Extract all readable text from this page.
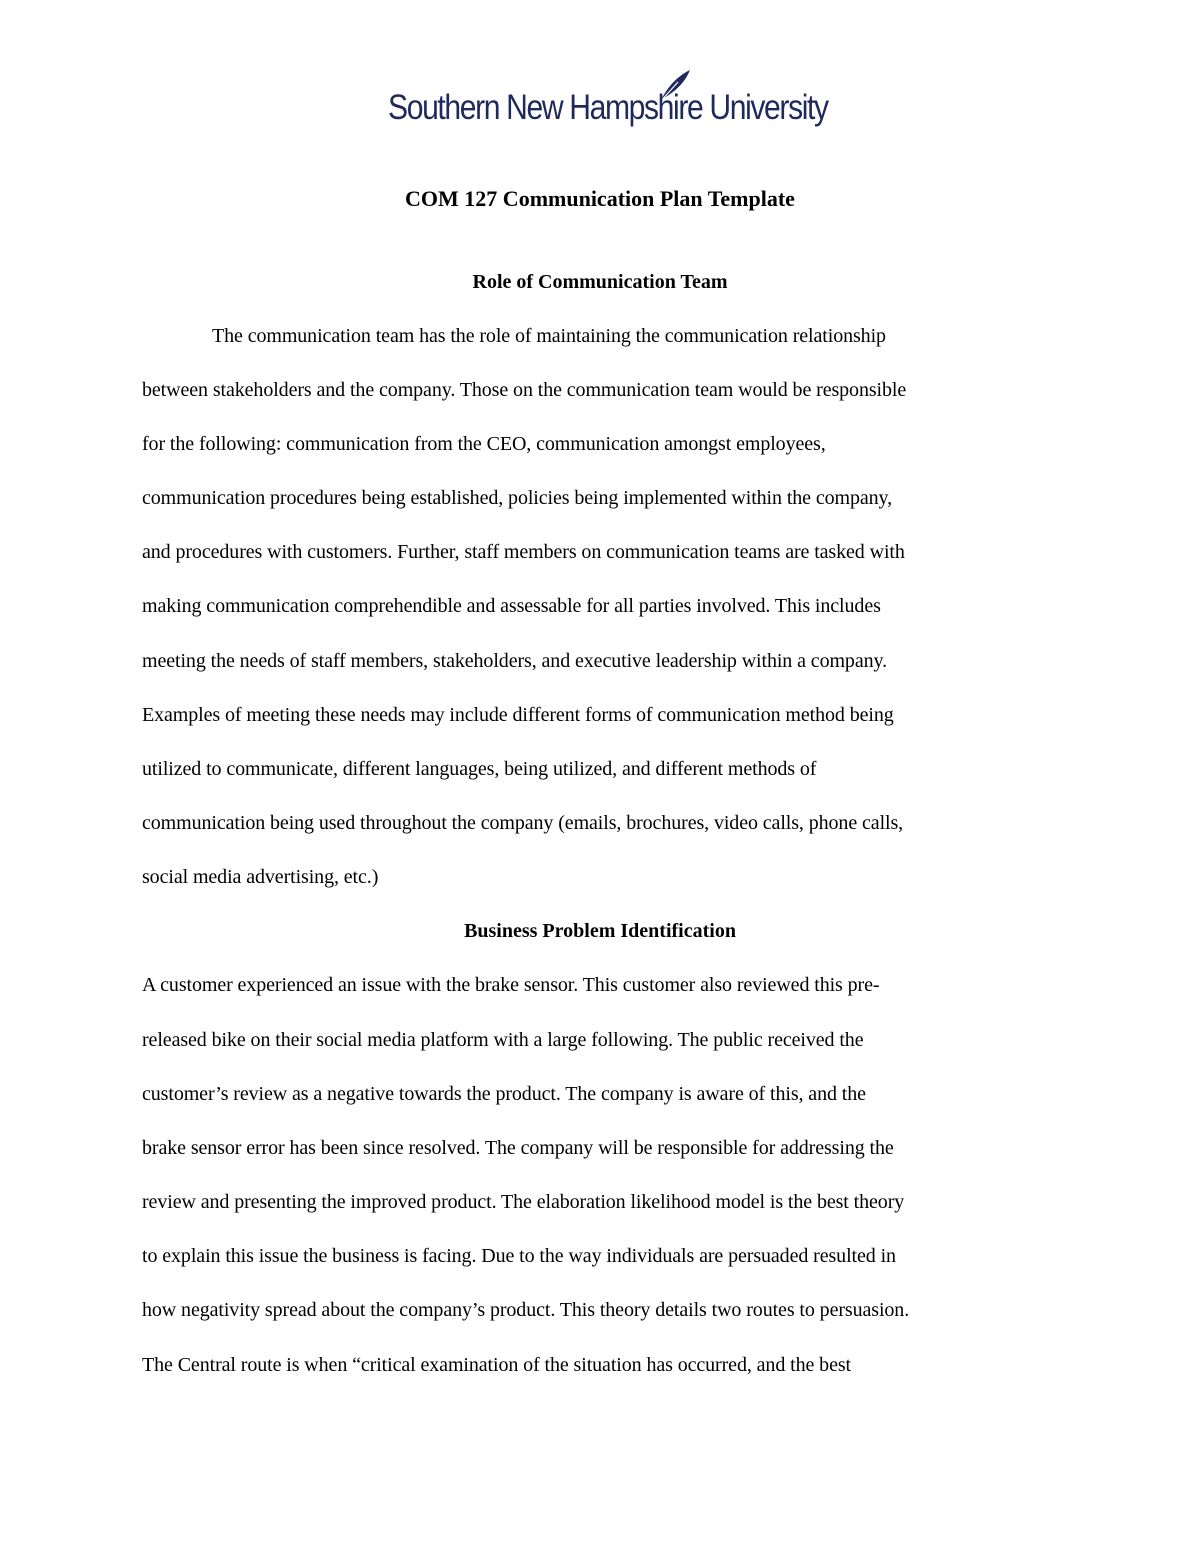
Southern New Hampshire University
COM 127 Communication Plan Template
Role of Communication Team
The communication team has the role of maintaining the communication relationship
between stakeholders and the company. Those on the communication team would be responsible
for the following: communication from the CEO, communication amongst employees,
communication procedures being established, policies being implemented within the company,
and procedures with customers. Further, staff members on communication teams are tasked with
making communication comprehendible and assessable for all parties involved. This includes
meeting the needs of staff members, stakeholders, and executive leadership within a company.
Examples of meeting these needs may include different forms of communication method being
utilized to communicate, different languages, being utilized, and different methods of
communication being used throughout the company (emails, brochures, video calls, phone calls,
social media advertising, etc.)
Business Problem Identification
A customer experienced an issue with the brake sensor. This customer also reviewed this pre-
released bike on their social media platform with a large following. The public received the
customer’s review as a negative towards the product. The company is aware of this, and the
brake sensor error has been since resolved. The company will be responsible for addressing the
review and presenting the improved product. The elaboration likelihood model is the best theory
to explain this issue the business is facing. Due to the way individuals are persuaded resulted in
how negativity spread about the company’s product. This theory details two routes to persuasion.
The Central route is when “critical examination of the situation has occurred, and the best
